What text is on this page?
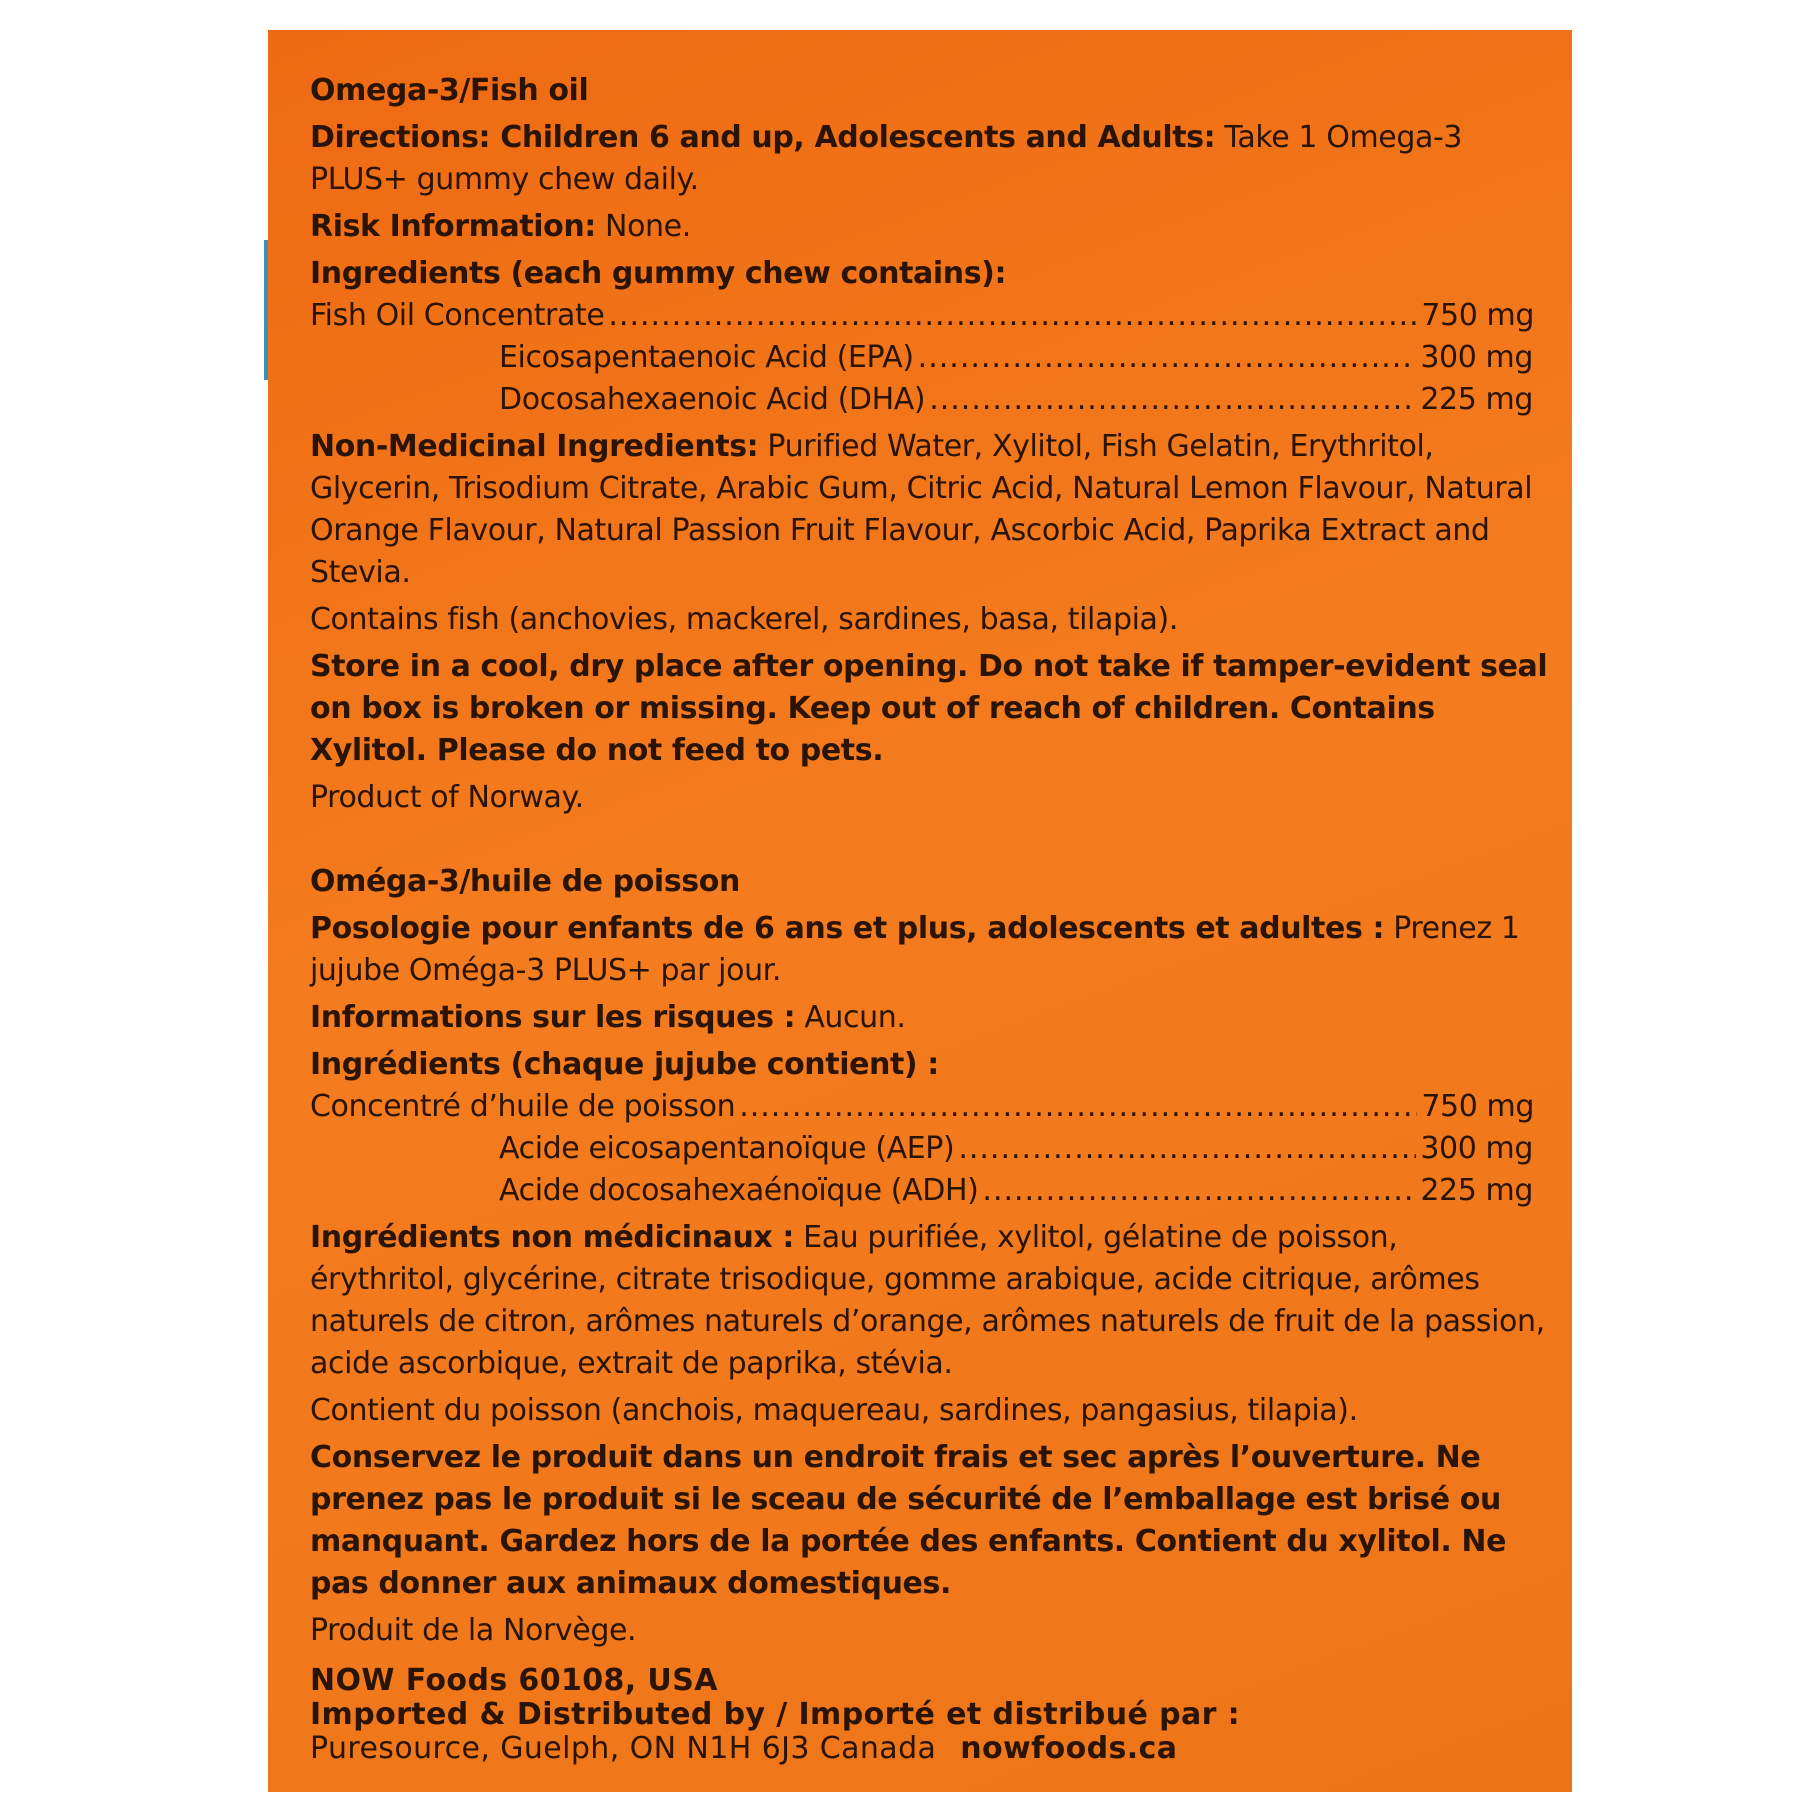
Omega-3/Fish oil

Directions: Children 6 and up, Adolescents and Adults: Take 1 Omega-3 PLUS+ gummy chew daily.

Risk Information: None.

Ingredients (each gummy chew contains):

Fish Oil Concentrate .....	750 mg
Eicosapentaenoic Acid (EPA) .....	300 mg
Docosahexaenoic Acid (DHA) .....	225 mg

Non-Medicinal Ingredients: Purified Water, Xylitol, Fish Gelatin, Erythritol, Glycerin, Trisodium Citrate, Arabic Gum, Citric Acid, Natural Lemon Flavour, Natural Orange Flavour, Natural Passion Fruit Flavour, Ascorbic Acid, Paprika Extract and Stevia.

Contains fish (anchovies, mackerel, sardines, basa, tilapia).

Store in a cool, dry place after opening. Do not take if tamper-evident seal on box is broken or missing. Keep out of reach of children. Contains Xylitol. Please do not feed to pets.

Product of Norway.

Oméga-3/huile de poisson

Posologie pour enfants de 6 ans et plus, adolescents et adultes : Prenez 1 jujube Oméga-3 PLUS+ par jour.

Informations sur les risques : Aucun.

Ingrédients (chaque jujube contient) :

Concentré d’huile de poisson .....	750 mg
Acide eicosapentanoïque (AEP) .....	300 mg
Acide docosahexaénoïque (ADH) .....	225 mg

Ingrédients non médicinaux : Eau purifiée, xylitol, gélatine de poisson, érythritol, glycérine, citrate trisodique, gomme arabique, acide citrique, arômes naturels de citron, arômes naturels d’orange, arômes naturels de fruit de la passion, acide ascorbique, extrait de paprika, stévia.

Contient du poisson (anchois, maquereau, sardines, pangasius, tilapia).

Conservez le produit dans un endroit frais et sec après l’ouverture. Ne prenez pas le produit si le sceau de sécurité de l’emballage est brisé ou manquant. Gardez hors de la portée des enfants. Contient du xylitol. Ne pas donner aux animaux domestiques.

Produit de la Norvège.

NOW Foods 60108, USA

Imported & Distributed by / Importé et distribué par :

Puresource, Guelph, ON N1H 6J3 Canada nowfoods.ca
